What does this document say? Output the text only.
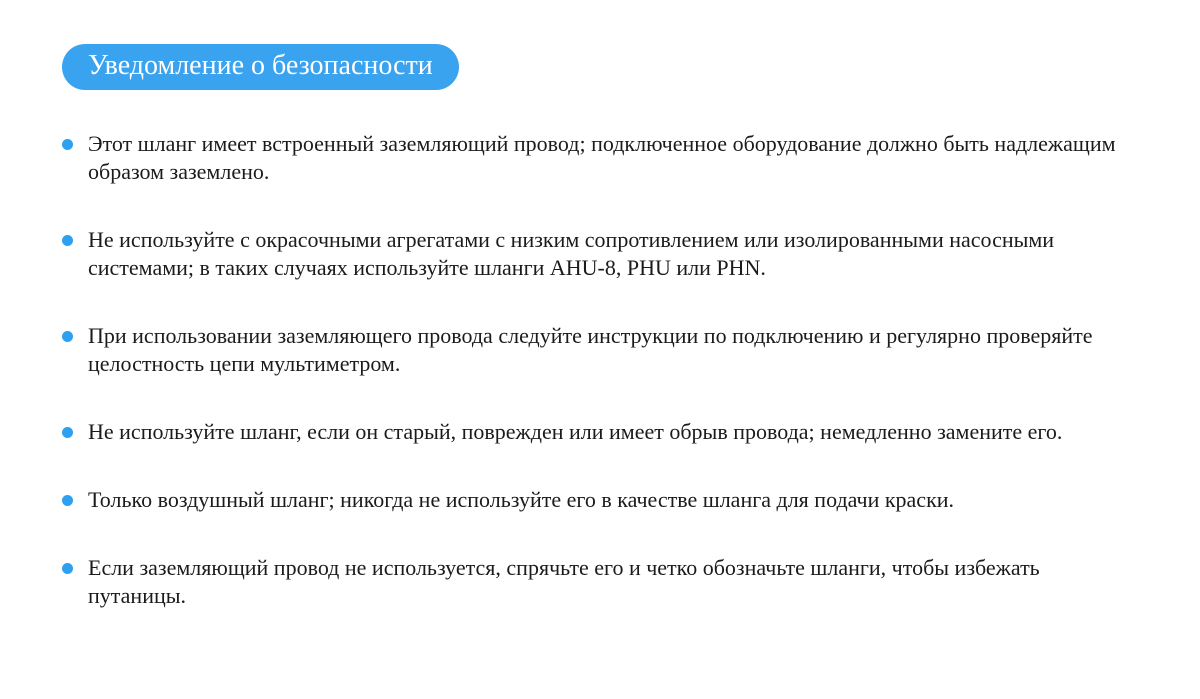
Уведомление о безопасности
Этот шланг имеет встроенный заземляющий провод; подключенное оборудование должно быть надлежащим образом заземлено.
Не используйте с окрасочными агрегатами с низким сопротивлением или изолированными насосными системами; в таких случаях используйте шланги AHU-8, PHU или PHN.
При использовании заземляющего провода следуйте инструкции по подключению и регулярно проверяйте целостность цепи мультиметром.
Не используйте шланг, если он старый, поврежден или имеет обрыв провода; немедленно замените его.
Только воздушный шланг; никогда не используйте его в качестве шланга для подачи краски.
Если заземляющий провод не используется, спрячьте его и четко обозначьте шланги, чтобы избежать путаницы.
